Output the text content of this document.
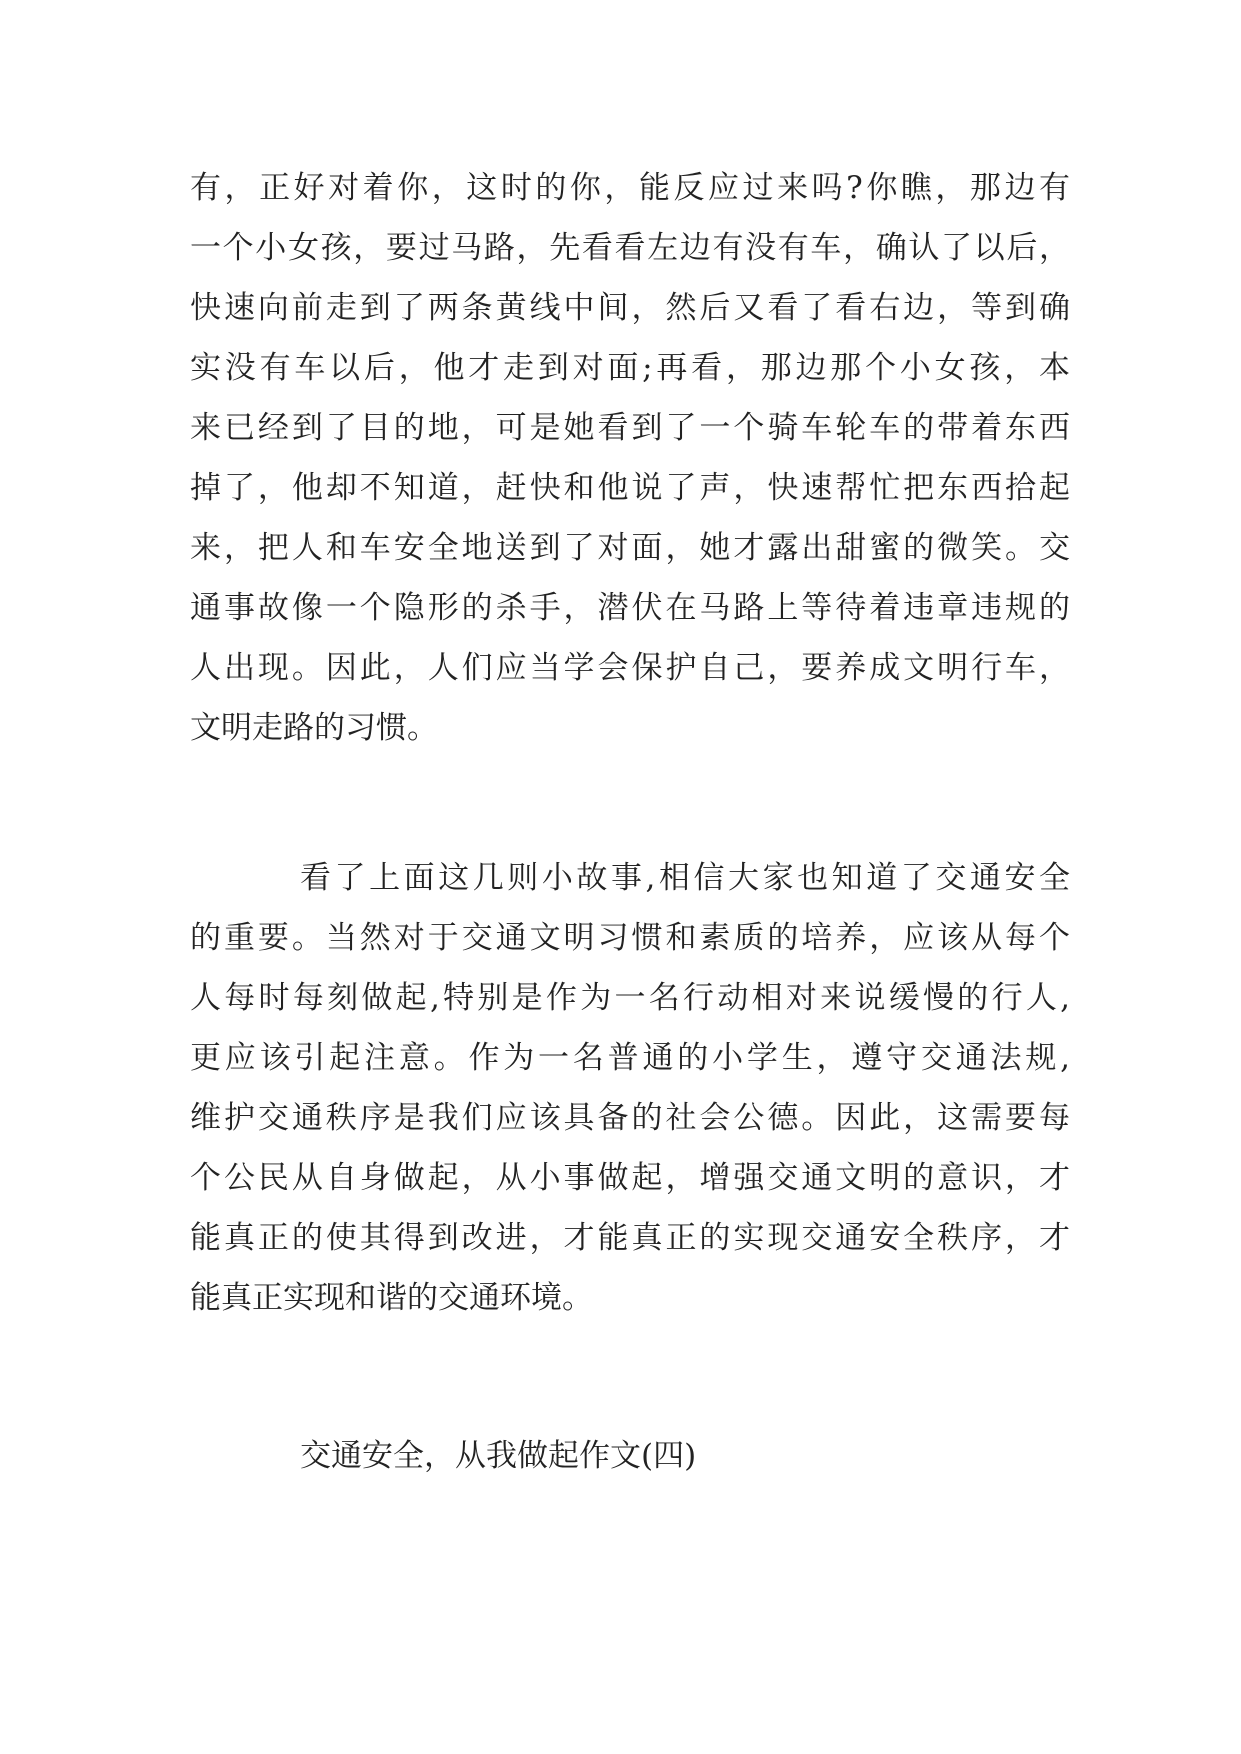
有，正好对着你，这时的你，能反应过来吗?你瞧，那边有
一个小女孩，要过马路，先看看左边有没有车，确认了以后，
快速向前走到了两条黄线中间，然后又看了看右边，等到确
实没有车以后，他才走到对面;再看，那边那个小女孩，本
来已经到了目的地，可是她看到了一个骑车轮车的带着东西
掉了，他却不知道，赶快和他说了声，快速帮忙把东西拾起
来，把人和车安全地送到了对面，她才露出甜蜜的微笑。交
通事故像一个隐形的杀手，潜伏在马路上等待着违章违规的
人出现。因此，人们应当学会保护自己，要养成文明行车，
文明走路的习惯。
看了上面这几则小故事,相信大家也知道了交通安全
的重要。当然对于交通文明习惯和素质的培养，应该从每个
人每时每刻做起,特别是作为一名行动相对来说缓慢的行人,
更应该引起注意。作为一名普通的小学生，遵守交通法规,
维护交通秩序是我们应该具备的社会公德。因此，这需要每
个公民从自身做起，从小事做起，增强交通文明的意识，才
能真正的使其得到改进，才能真正的实现交通安全秩序，才
能真正实现和谐的交通环境。
交通安全，从我做起作文(四)
